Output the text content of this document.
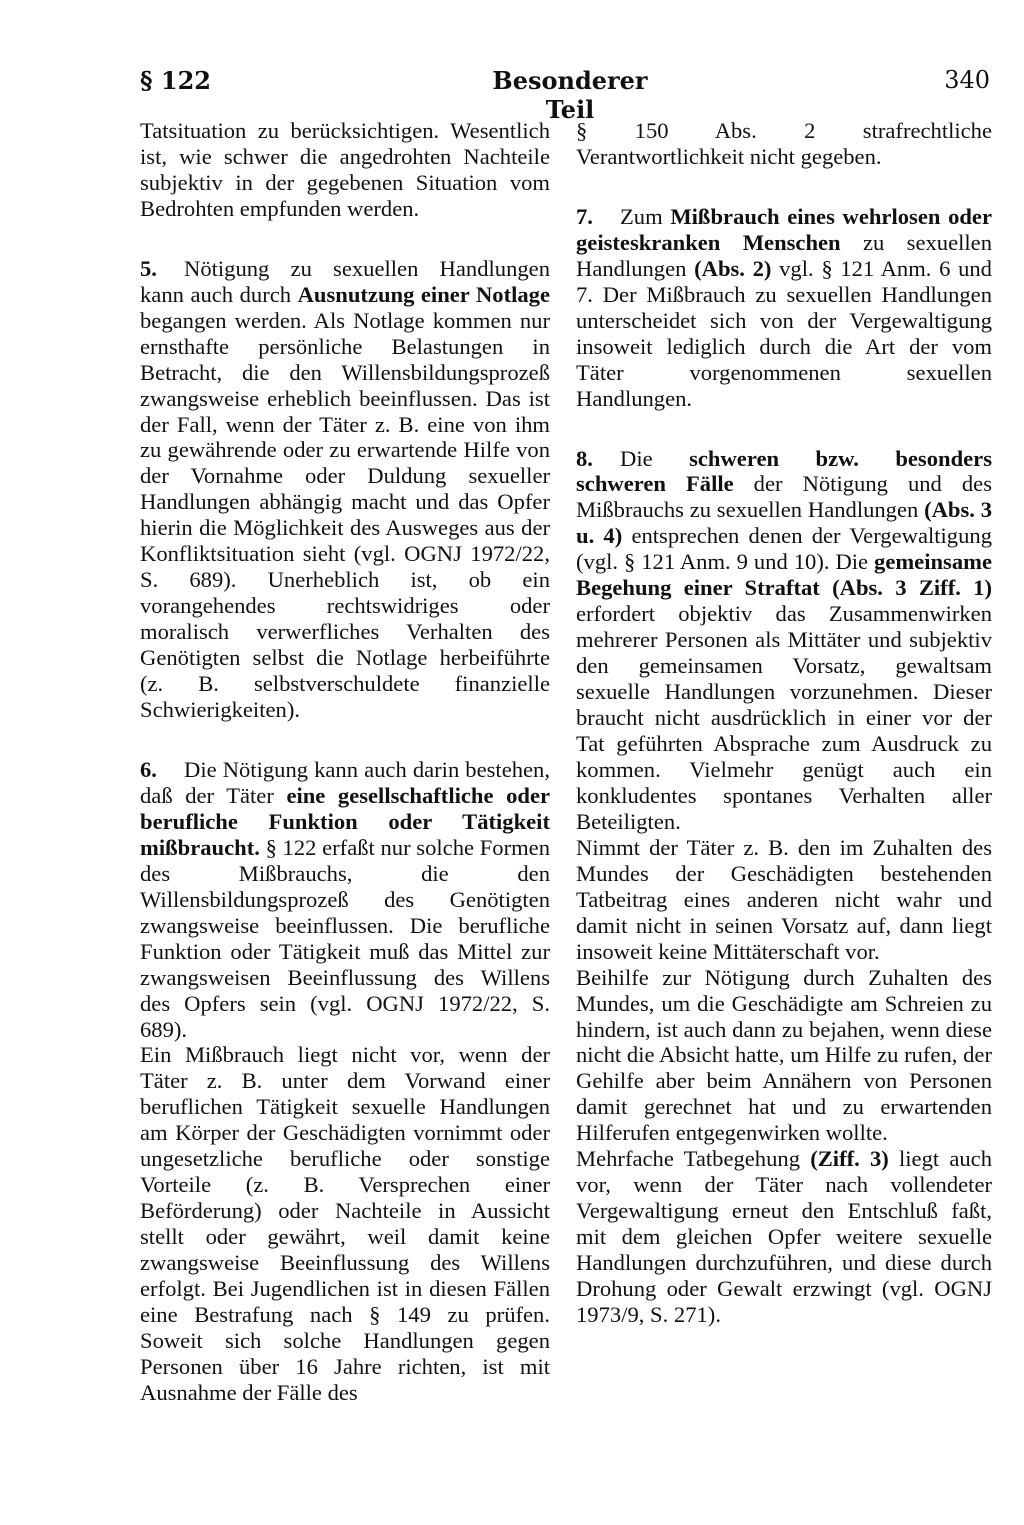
§ 122	Besonderer Teil
340

Tatsituation zu berücksichtigen. Wesentlich ist, wie schwer die angedrohten Nachteile subjektiv in der gegebenen Situation vom Bedrohten empfunden werden.

5. Nötigung zu sexuellen Handlungen kann auch durch Ausnutzung einer Notlage begangen werden. Als Notlage kommen nur ernsthafte persönliche Belastungen in Betracht, die den Willensbildungsprozeß zwangsweise erheblich beeinflussen. Das ist der Fall, wenn der Täter z. B. eine von ihm zu gewährende oder zu erwartende Hilfe von der Vornahme oder Duldung sexueller Handlungen abhängig macht und das Opfer hierin die Möglichkeit des Ausweges aus der Konfliktsituation sieht (vgl. OGNJ 1972/22, S. 689). Unerheblich ist, ob ein vorangehendes rechtswidriges oder moralisch verwerfliches Verhalten des Genötigten selbst die Notlage herbeiführte (z. B. selbstverschuldete finanzielle Schwierigkeiten).

6. Die Nötigung kann auch darin bestehen, daß der Täter eine gesellschaftliche oder berufliche Funktion oder Tätigkeit mißbraucht. § 122 erfaßt nur solche Formen des Mißbrauchs, die den Willensbildungsprozeß des Genötigten zwangsweise beeinflussen. Die berufliche Funktion oder Tätigkeit muß das Mittel zur zwangsweisen Beeinflussung des Willens des Opfers sein (vgl. OGNJ 1972/22, S. 689).

Ein Mißbrauch liegt nicht vor, wenn der Täter z. B. unter dem Vorwand einer beruflichen Tätigkeit sexuelle Handlungen am Körper der Geschädigten vornimmt oder ungesetzliche berufliche oder sonstige Vorteile (z. B. Versprechen einer Beförderung) oder Nachteile in Aussicht stellt oder gewährt, weil damit keine zwangsweise Beeinflussung des Willens erfolgt. Bei Jugendlichen ist in diesen Fällen eine Bestrafung nach § 149 zu prüfen. Soweit sich solche Handlungen gegen Personen über 16 Jahre richten, ist mit Ausnahme der Fälle des

§ 150 Abs. 2 strafrechtliche Verantwortlichkeit nicht gegeben.

7. Zum Mißbrauch eines wehrlosen oder geisteskranken Menschen zu sexuellen Handlungen (Abs. 2) vgl. § 121 Anm. 6 und 7. Der Mißbrauch zu sexuellen Handlungen unterscheidet sich von der Vergewaltigung insoweit lediglich durch die Art der vom Täter vorgenommenen sexuellen Handlungen.

8. Die schweren bzw. besonders schweren Fälle der Nötigung und des Mißbrauchs zu sexuellen Handlungen (Abs. 3 u. 4) entsprechen denen der Vergewaltigung (vgl. § 121 Anm. 9 und 10). Die gemeinsame Begehung einer Straftat (Abs. 3 Ziff. 1) erfordert objektiv das Zusammenwirken mehrerer Personen als Mittäter und subjektiv den gemeinsamen Vorsatz, gewaltsam sexuelle Handlungen vorzunehmen. Dieser braucht nicht ausdrücklich in einer vor der Tat geführten Absprache zum Ausdruck zu kommen. Vielmehr genügt auch ein konkludentes spontanes Verhalten aller Beteiligten.

Nimmt der Täter z. B. den im Zuhalten des Mundes der Geschädigten bestehenden Tatbeitrag eines anderen nicht wahr und damit nicht in seinen Vorsatz auf, dann liegt insoweit keine Mittäterschaft vor.

Beihilfe zur Nötigung durch Zuhalten des Mundes, um die Geschädigte am Schreien zu hindern, ist auch dann zu bejahen, wenn diese nicht die Absicht hatte, um Hilfe zu rufen, der Gehilfe aber beim Annähern von Personen damit gerechnet hat und zu erwartenden Hilferufen entgegenwirken wollte.

Mehrfache Tatbegehung (Ziff. 3) liegt auch vor, wenn der Täter nach vollendeter Vergewaltigung erneut den Entschluß faßt, mit dem gleichen Opfer weitere sexuelle Handlungen durchzuführen, und diese durch Drohung oder Gewalt erzwingt (vgl. OGNJ 1973/9, S. 271).
